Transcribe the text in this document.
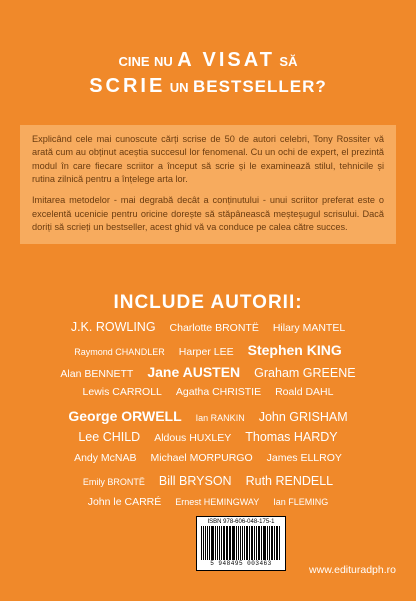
CINE NU A VISAT SĂ
SCRIE UN BESTSELLER?

Explicând cele mai cunoscute cărți scrise de 50 de autori celebri, Tony Rossiter vă arată cum au obținut aceștia succesul lor fenomenal. Cu un ochi de expert, el prezintă modul în care fiecare scriitor a început să scrie și le examinează stilul, tehnicile și rutina zilnică pentru a înțelege arta lor.

Imitarea metodelor - mai degrabă decât a conținutului - unui scriitor preferat este o excelentă ucenicie pentru oricine dorește să stăpânească meșteșugul scrisului. Dacă doriți să scrieți un bestseller, acest ghid vă va conduce pe calea către succes.

INCLUDE AUTORII:
J.K. ROWLING Charlotte BRONTË Hilary MANTEL
Raymond CHANDLER Harper LEE Stephen KING
Alan BENNETT Jane AUSTEN Graham GREENE
Lewis CARROLL Agatha CHRISTIE Roald DAHL
George ORWELL Ian RANKIN John GRISHAM
Lee CHILD Aldous HUXLEY Thomas HARDY
Andy McNAB Michael MORPURGO James ELLROY
Emily BRONTË Bill BRYSON Ruth RENDELL
John le CARRÉ Ernest HEMINGWAY Ian FLEMING
ISBN 978-606-048-175-1
5 948495 003463
www.edituradph.ro
